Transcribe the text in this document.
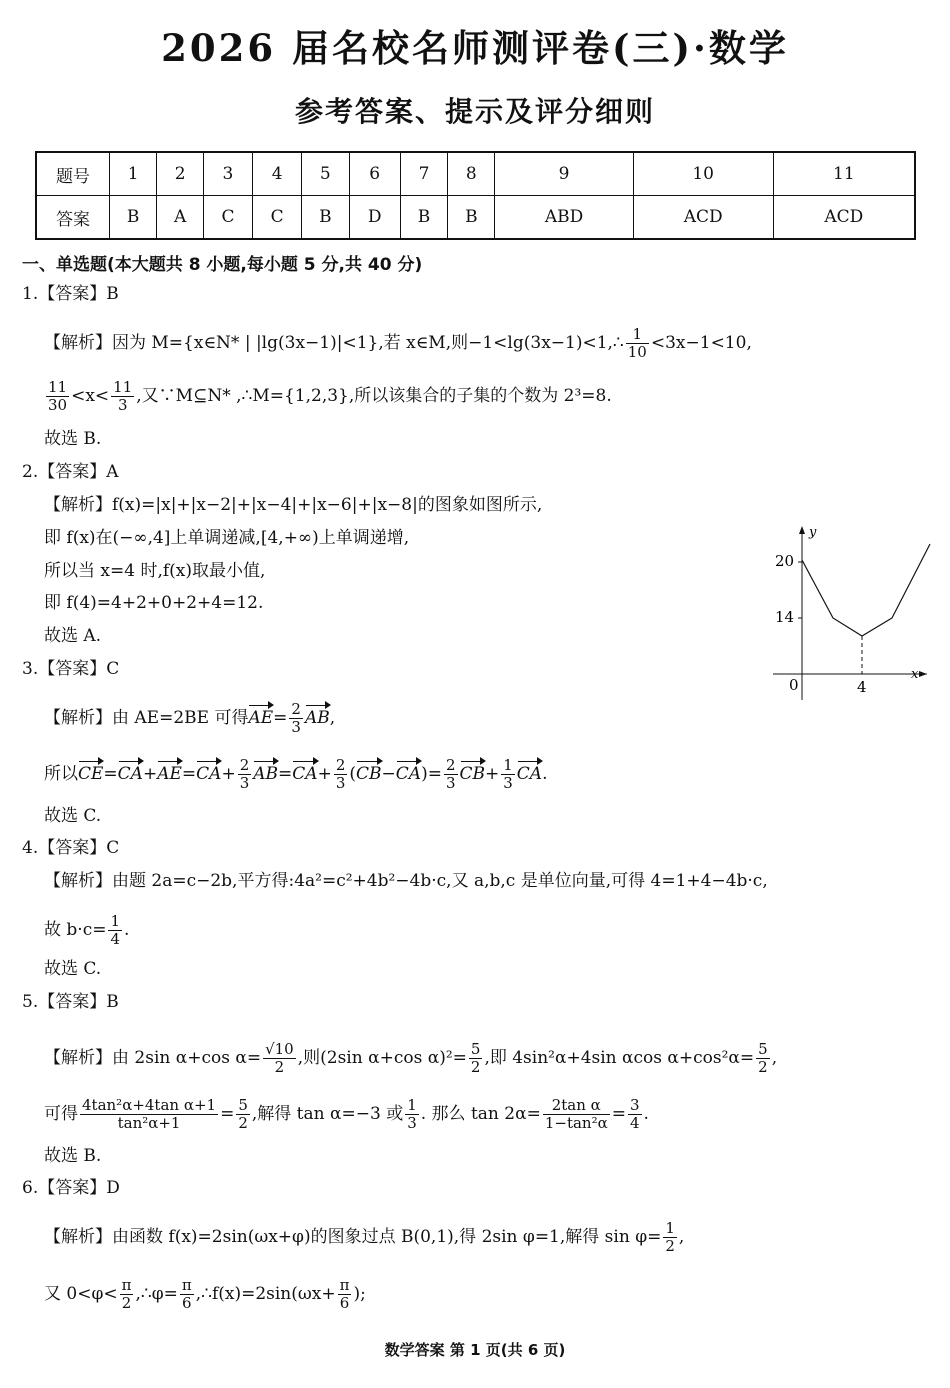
2026 届名校名师测评卷(三)·数学
参考答案、提示及评分细则
题号	1	2	3	4	5	6	7	8	9	10	11
答案	B	A	C	C	B	D	B	B	ABD	ACD	ACD
一、单选题(本大题共 8 小题,每小题 5 分,共 40 分)
1.【答案】B
【解析】因为 M={x∈N* | |lg(3x−1)|<1},若 x∈M,则−1<lg(3x−1)<1,∴ $\frac{1}{10} <3x-1<10$,
$\frac{11}{30} <x< \frac{11}{3}$ ,又∵M⊆N* ,∴M={1,2,3},所以该集合的子集的个数为 2³=8.
故选 B.
2.【答案】A
【解析】f(x)=|x|+|x−2|+|x−4|+|x−6|+|x−8|的图象如图所示,
即 f(x)在(−∞,4]上单调递减,[4,+∞)上单调递增,
所以当 x=4 时,f(x)取最小值,
即 f(4)=4+2+0+2+4=12.
故选 A.
y
x
0
20
14
4
3.【答案】C
【解析】由 AE=2BE 可得$AE= \frac{2}{3}$ AB,
所以$CE=CA+AE=CA+ \frac{2}{3} AB=CA+ \frac{2}{3} (CB-CA)= \frac{2}{3} CB+ \frac{1}{3}$ CA.
故选 C.
4.【答案】C
【解析】由题 2a=c−2b,平方得:4a²=c²+4b²−4b·c,又 a,b,c 是单位向量,可得 4=1+4−4b·c,
故 $b\cdot c= \frac{1}{4}$ .
故选 C.
5.【答案】B
【解析】由 2sin α+cos $\alpha= \frac{√10}{2}$ ,则(2sin α+cos $\alpha)^2= \frac{5}{2}$ ,即 4sin²α+4sin αcos $\alpha+\cos^2\alpha= \frac{5}{2}$ ,
可得 $\frac{\text{4tan²α+4tan α+1}}{\text{tan²α+1}} = \frac{5}{2}$ ,解得 tan α=−3 或 $\frac{1}{3}$ . 那么 $\tan 2\alpha= \frac{\text{2tan α}}{\text{1−tan²α}} = \frac{3}{4}$ .
故选 B.
6.【答案】D
【解析】由函数 f(x)=2sin(ωx+φ)的图象过点 B(0,1),得 2sin φ=1,解得 $\sin \varphi= \frac{1}{2}$ ,
又 $0<\varphi< \frac{\pi}{2}$ ,∴φ= $\frac{\pi}{6}$ ,∴f(x)=2sin(ωx+ $\frac{\pi}{6}$ );
数学答案 第 1 页(共 6 页)
